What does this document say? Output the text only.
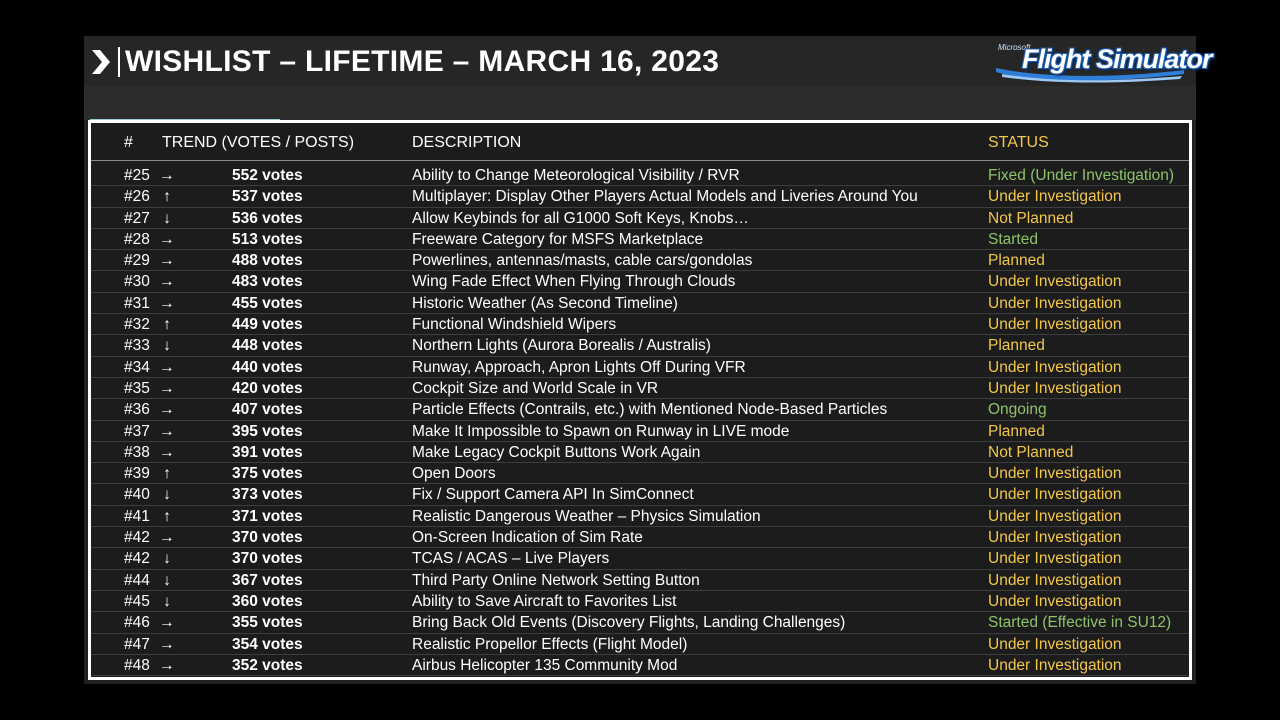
WISHLIST – LIFETIME – MARCH 16, 2023	Microsoft
Flight Simulator
# TREND (VOTES / POSTS)	DESCRIPTION	STATUS
#25 →	552 votes	Ability to Change Meteorological Visibility / RVR	Fixed (Under Investigation)
#26 ↑	537 votes	Multiplayer: Display Other Players Actual Models and Liveries Around You	Under Investigation
#27 ↓	536 votes	Allow Keybinds for all G1000 Soft Keys, Knobs…	Not Planned
#28 →	513 votes	Freeware Category for MSFS Marketplace	Started
#29 →	488 votes	Powerlines, antennas/masts, cable cars/gondolas	Planned
#30 →	483 votes	Wing Fade Effect When Flying Through Clouds	Under Investigation
#31 →	455 votes	Historic Weather (As Second Timeline)	Under Investigation
#32 ↑	449 votes	Functional Windshield Wipers	Under Investigation
#33 ↓	448 votes	Northern Lights (Aurora Borealis / Australis)	Planned
#34 →	440 votes	Runway, Approach, Apron Lights Off During VFR	Under Investigation
#35 →	420 votes	Cockpit Size and World Scale in VR	Under Investigation
#36 →	407 votes	Particle Effects (Contrails, etc.) with Mentioned Node-Based Particles	Ongoing
#37 →	395 votes	Make It Impossible to Spawn on Runway in LIVE mode	Planned
#38 →	391 votes	Make Legacy Cockpit Buttons Work Again	Not Planned
#39 ↑	375 votes	Open Doors	Under Investigation
#40 ↓	373 votes	Fix / Support Camera API In SimConnect	Under Investigation
#41 ↑	371 votes	Realistic Dangerous Weather – Physics Simulation	Under Investigation
#42 →	370 votes	On-Screen Indication of Sim Rate	Under Investigation
#42 ↓	370 votes	TCAS / ACAS – Live Players	Under Investigation
#44 ↓	367 votes	Third Party Online Network Setting Button	Under Investigation
#45 ↓	360 votes	Ability to Save Aircraft to Favorites List	Under Investigation
#46 →	355 votes	Bring Back Old Events (Discovery Flights, Landing Challenges)	Started (Effective in SU12)
#47 →	354 votes	Realistic Propellor Effects (Flight Model)	Under Investigation
#48 →	352 votes	Airbus Helicopter 135 Community Mod	Under Investigation
